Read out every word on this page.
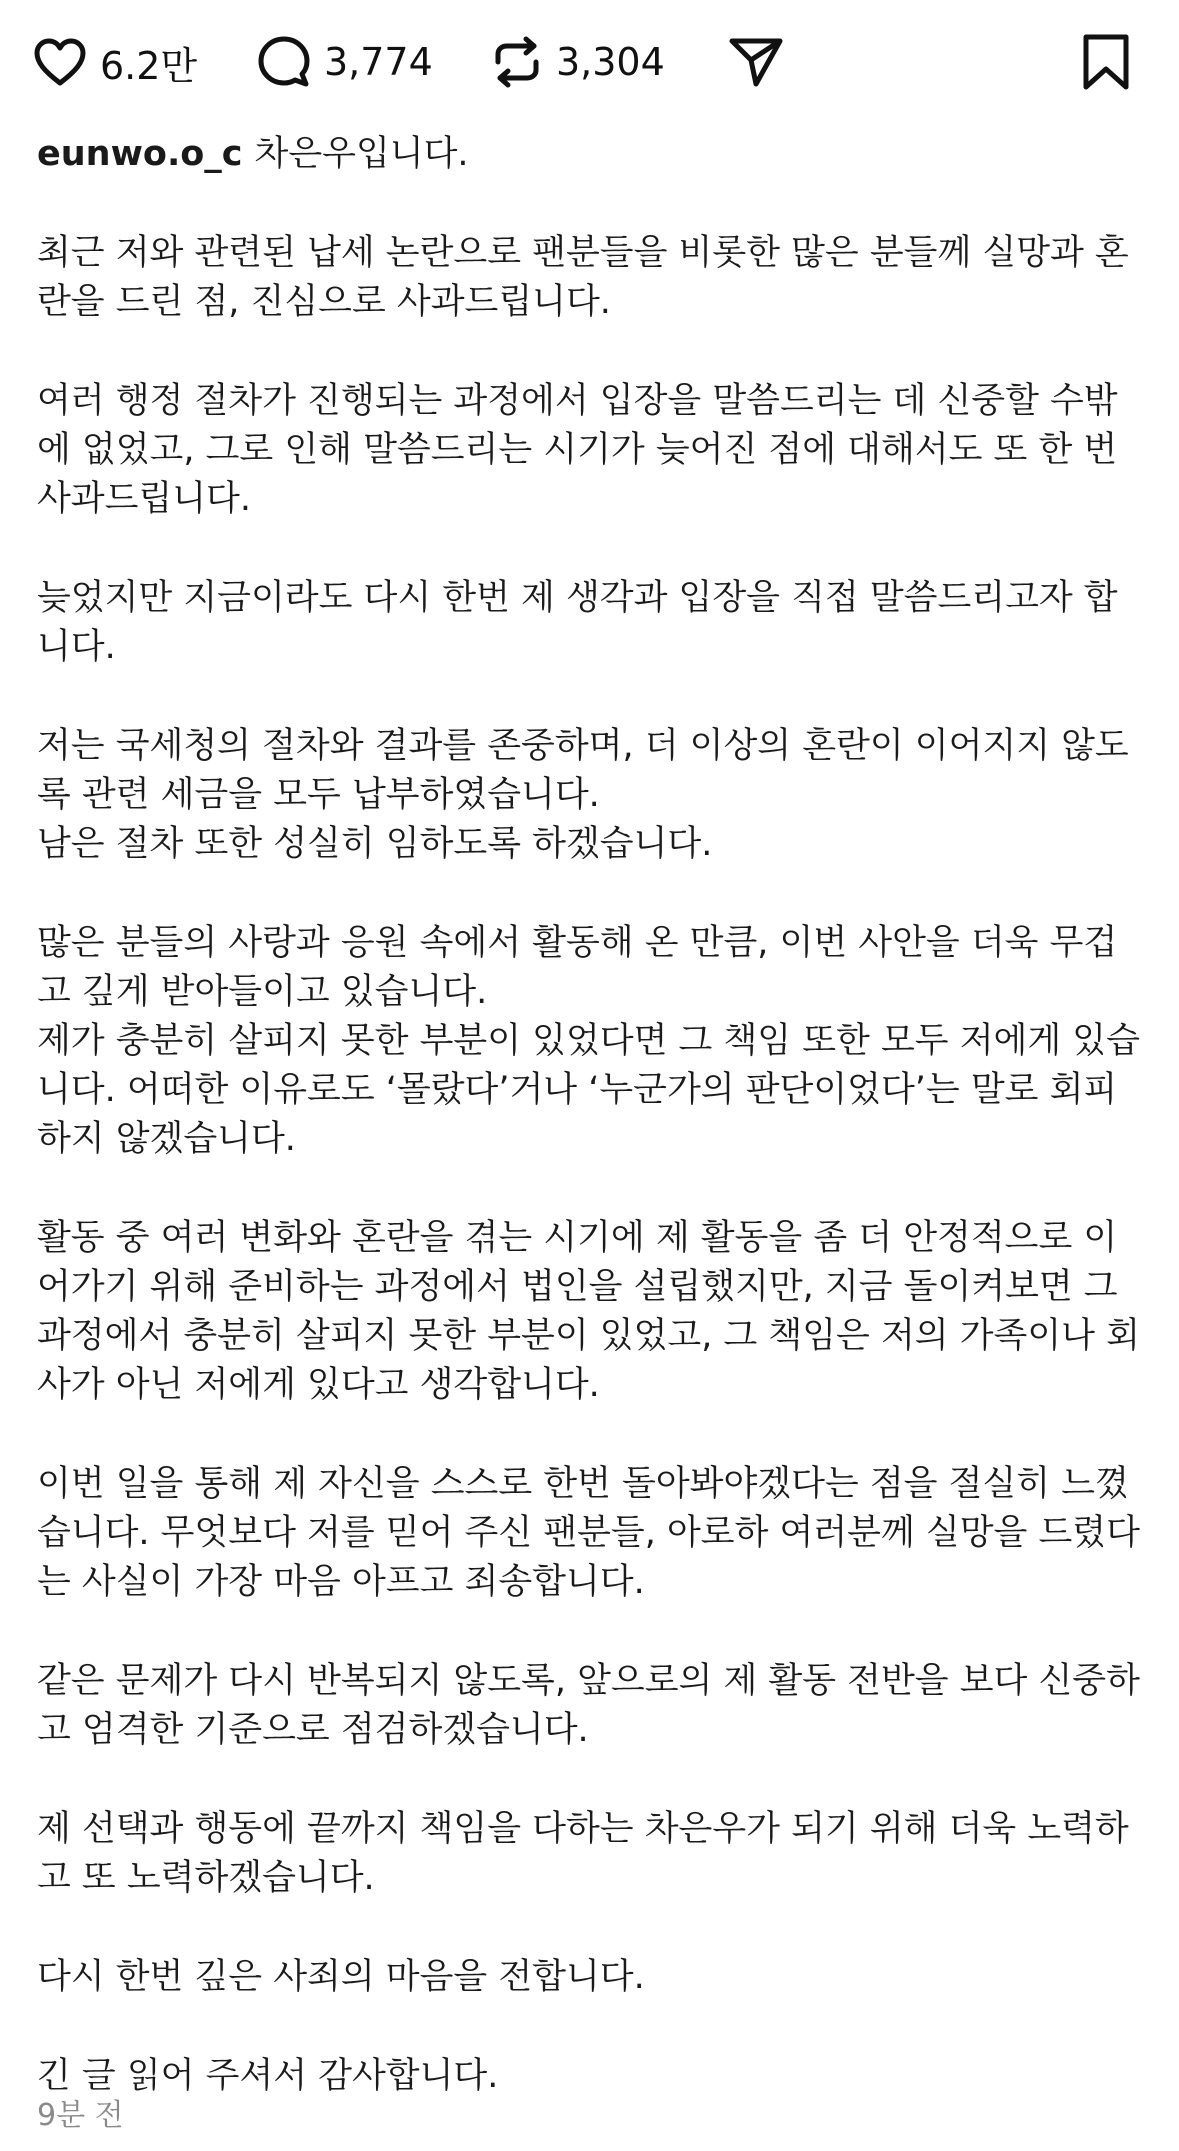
6.2만	3,774	3,304
eunwo.o_c 차은우입니다.
최근 저와 관련된 납세 논란으로 팬분들을 비롯한 많은 분들께 실망과 혼
란을 드린 점, 진심으로 사과드립니다.
여러 행정 절차가 진행되는 과정에서 입장을 말씀드리는 데 신중할 수밖
에 없었고, 그로 인해 말씀드리는 시기가 늦어진 점에 대해서도 또 한 번
사과드립니다.
늦었지만 지금이라도 다시 한번 제 생각과 입장을 직접 말씀드리고자 합
니다.
저는 국세청의 절차와 결과를 존중하며, 더 이상의 혼란이 이어지지 않도
록 관련 세금을 모두 납부하였습니다.
남은 절차 또한 성실히 임하도록 하겠습니다.
많은 분들의 사랑과 응원 속에서 활동해 온 만큼, 이번 사안을 더욱 무겁
고 깊게 받아들이고 있습니다.
제가 충분히 살피지 못한 부분이 있었다면 그 책임 또한 모두 저에게 있습
니다. 어떠한 이유로도 ‘몰랐다’거나 ‘누군가의 판단이었다’는 말로 회피
하지 않겠습니다.
활동 중 여러 변화와 혼란을 겪는 시기에 제 활동을 좀 더 안정적으로 이
어가기 위해 준비하는 과정에서 법인을 설립했지만, 지금 돌이켜보면 그
과정에서 충분히 살피지 못한 부분이 있었고, 그 책임은 저의 가족이나 회
사가 아닌 저에게 있다고 생각합니다.
이번 일을 통해 제 자신을 스스로 한번 돌아봐야겠다는 점을 절실히 느꼈
습니다. 무엇보다 저를 믿어 주신 팬분들, 아로하 여러분께 실망을 드렸다
는 사실이 가장 마음 아프고 죄송합니다.
같은 문제가 다시 반복되지 않도록, 앞으로의 제 활동 전반을 보다 신중하
고 엄격한 기준으로 점검하겠습니다.
제 선택과 행동에 끝까지 책임을 다하는 차은우가 되기 위해 더욱 노력하
고 또 노력하겠습니다.
다시 한번 깊은 사죄의 마음을 전합니다.
긴 글 읽어 주셔서 감사합니다.
9분 전
